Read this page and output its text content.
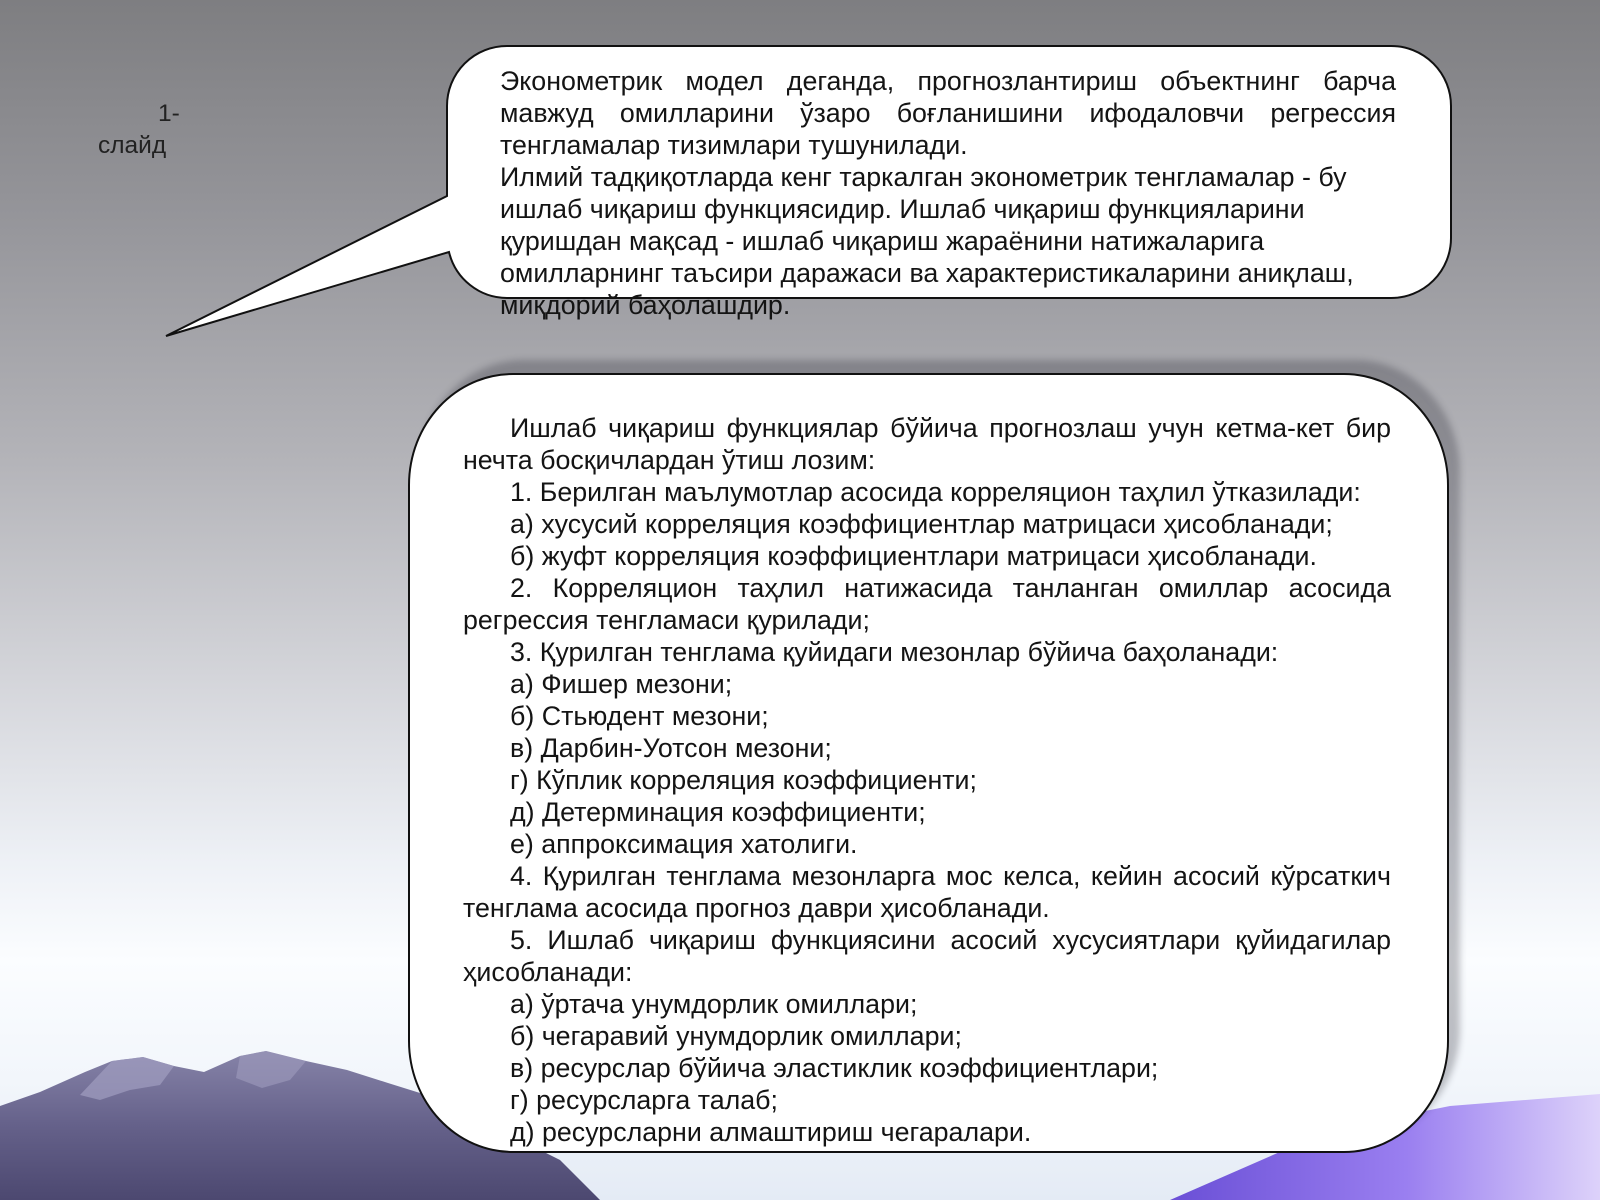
1-
слайд

Эконометрик модел деганда, прогнозлантириш объектнинг барча мавжуд омилларини ўзаро боғланишини ифодаловчи регрессия тенгламалар тизимлари тушунилади.

Илмий тадқиқотларда кенг таркалган эконометрик тенгламалар - бу ишлаб чиқариш функциясидир. Ишлаб чиқариш функцияларини қуришдан мақсад - ишлаб чиқариш жараёнини натижаларига омилларнинг таъсири даражаси ва характеристикаларини аниқлаш, миқдорий баҳолашдир.

Ишлаб чиқариш функциялар бўйича прогнозлаш учун кетма-кет бир нечта босқичлардан ўтиш лозим:

1. Берилган маълумотлар асосида корреляцион таҳлил ўтказилади:

а) хусусий корреляция коэффициентлар матрицаси ҳисобланади;

б) жуфт корреляция коэффициентлари матрицаси ҳисобланади.

2. Корреляцион таҳлил натижасида танланган омиллар асосида регрессия тенгламаси қурилади;

3. Қурилган тенглама қуйидаги мезонлар бўйича баҳоланади:

а) Фишер мезони;

б) Стьюдент мезони;

в) Дарбин-Уотсон мезони;

г) Кўплик корреляция коэффициенти;

д) Детерминация коэффициенти;

е) аппроксимация хатолиги.

4. Қурилган тенглама мезонларга мос келса, кейин асосий кўрсаткич тенглама асосида прогноз даври ҳисобланади.

5. Ишлаб чиқариш функциясини асосий хусусиятлари қуйидагилар ҳисобланади:

а) ўртача унумдорлик омиллари;

б) чегаравий унумдорлик омиллари;

в) ресурслар бўйича эластиклик коэффициентлари;

г) ресурсларга талаб;

д) ресурсларни алмаштириш чегаралари.
